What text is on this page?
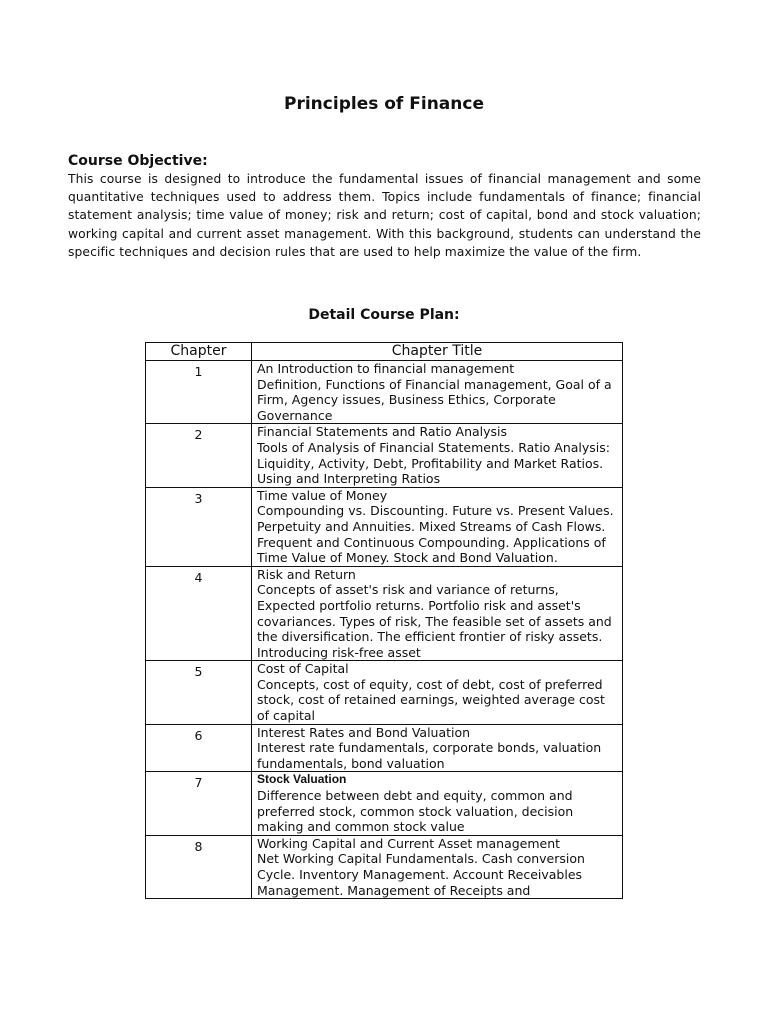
Principles of Finance
Course Objective:
This course is designed to introduce the fundamental issues of financial management and some quantitative techniques used to address them. Topics include fundamentals of finance; financial statement analysis; time value of money; risk and return; cost of capital, bond and stock valuation; working capital and current asset management. With this background, students can understand the specific techniques and decision rules that are used to help maximize the value of the firm.
Detail Course Plan:
Chapter	Chapter Title
1	An Introduction to financial management
Definition, Functions of Financial management, Goal of a Firm, Agency issues, Business Ethics, Corporate Governance

2	Financial Statements and Ratio Analysis
Tools of Analysis of Financial Statements. Ratio Analysis: Liquidity, Activity, Debt, Profitability and Market Ratios. Using and Interpreting Ratios

3	Time value of Money
Compounding vs. Discounting. Future vs. Present Values. Perpetuity and Annuities. Mixed Streams of Cash Flows. Frequent and Continuous Compounding. Applications of Time Value of Money. Stock and Bond Valuation.

4	Risk and Return
Concepts of asset's risk and variance of returns, Expected portfolio returns. Portfolio risk and asset's covariances. Types of risk, The feasible set of assets and the diversification. The efficient frontier of risky assets. Introducing risk-free asset

5	Cost of Capital
Concepts, cost of equity, cost of debt, cost of preferred stock, cost of retained earnings, weighted average cost of capital

6	Interest Rates and Bond Valuation
Interest rate fundamentals, corporate bonds, valuation fundamentals, bond valuation

7	Stock Valuation
Difference between debt and equity, common and preferred stock, common stock valuation, decision making and common stock value

8	Working Capital and Current Asset management
Net Working Capital Fundamentals. Cash conversion Cycle. Inventory Management. Account Receivables Management. Management of Receipts and
